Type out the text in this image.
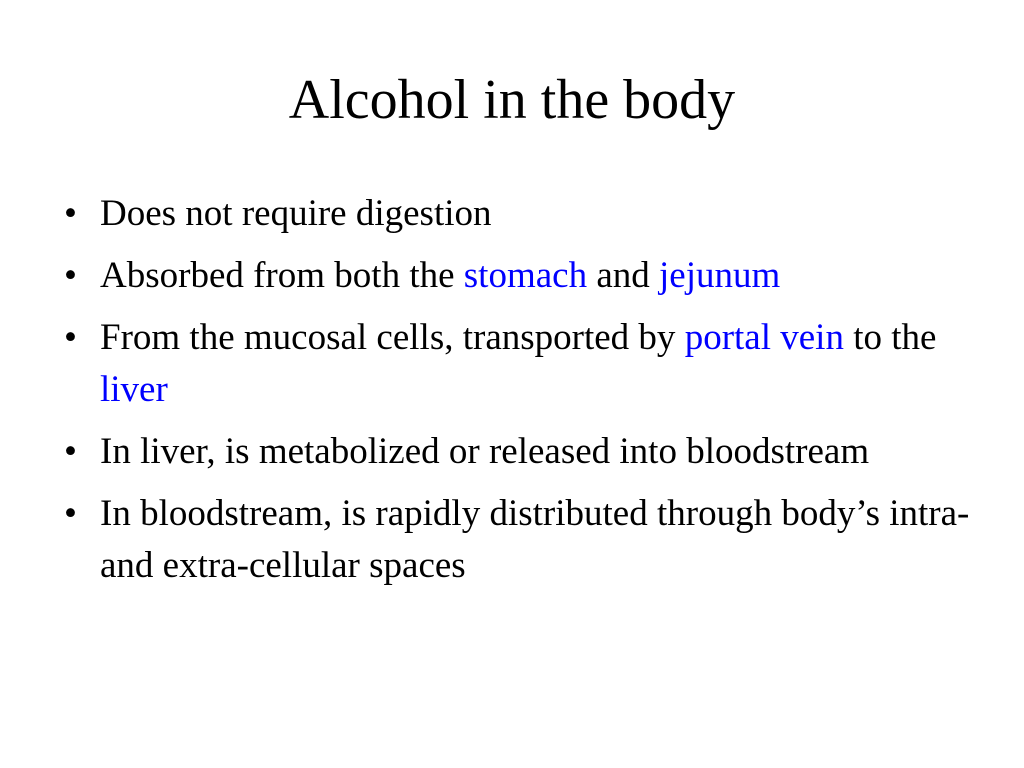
Alcohol in the body
• Does not require digestion
• Absorbed from both the stomach and jejunum
• From the mucosal cells, transported by portal vein to the liver
• In liver, is metabolized or released into bloodstream
• In bloodstream, is rapidly distributed through body’s intra- and extra-cellular spaces
